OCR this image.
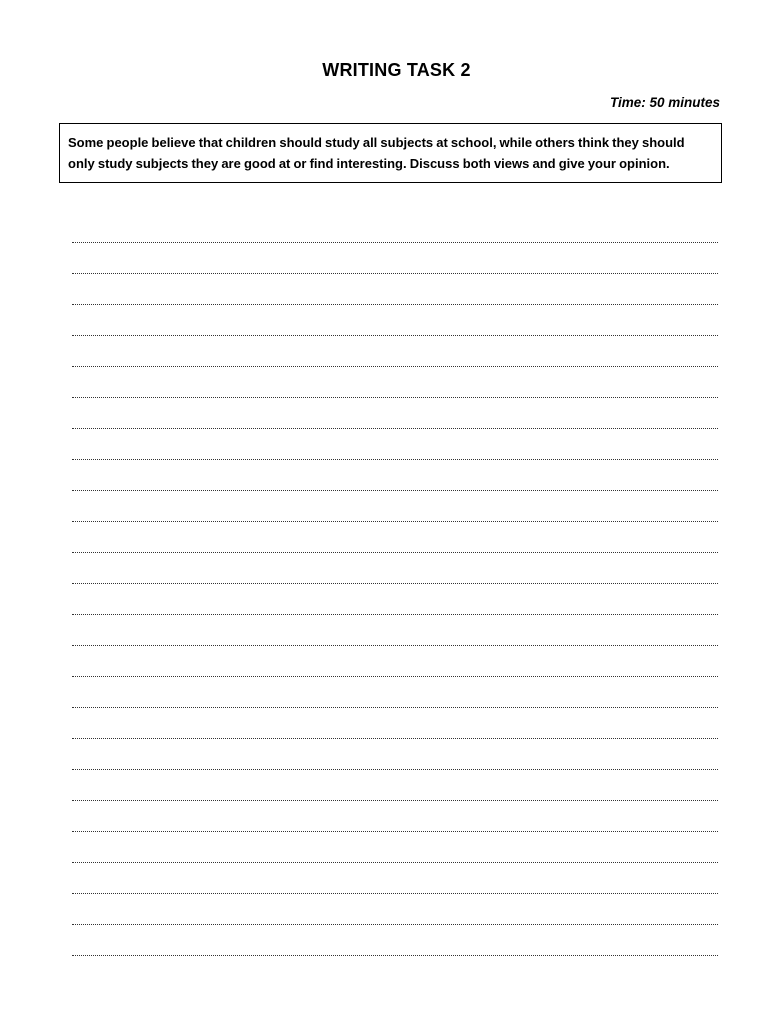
WRITING TASK 2
Time: 50 minutes
Some people believe that children should study all subjects at school, while others think they should only study subjects they are good at or find interesting. Discuss both views and give your opinion.
